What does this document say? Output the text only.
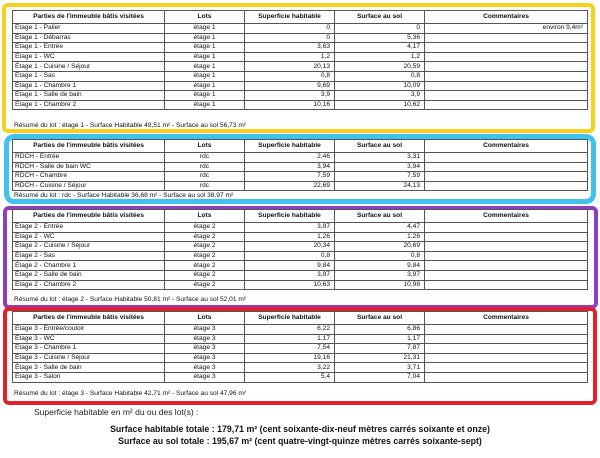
Parties de l'immeuble bâtis visitées	Lots	Superficie habitable	Surface au sol	Commentaires
Étage 1 - Palier	étage 1	0	0	environ 9,4m²
Étage 1 - Débarras	étage 1	0	5,36	
Étage 1 - Entrée	étage 1	3,63	4,17	
Étage 1 - WC	étage 1	1,2	1,2	
Étage 1 - Cuisine / Séjour	étage 1	20,13	20,59	
Étage 1 - Sas	étage 1	0,8	0,8	
Étage 1 - Chambre 1	étage 1	9,69	10,09	
Étage 1 - Salle de bain	étage 1	3,9	3,9	
Étage 1 - Chambre 2	étage 1	10,16	10,62	
Résumé du lot : étage 1 - Surface Habitable 49,51 m² - Surface au sol 56,73 m²
Parties de l'immeuble bâtis visitées	Lots	Superficie habitable	Surface au sol	Commentaires
RDCH - Entrée	rdc	2,46	3,31	
RDCH - Salle de bain WC	rdc	3,94	3,94	
RDCH - Chambre	rdc	7,59	7,59	
RDCH - Cuisine / Séjour	rdc	22,69	24,13	
Résumé du lot : rdc - Surface Habitable 36,68 m² - Surface au sol 38,97 m²
Parties de l'immeuble bâtis visitées	Lots	Superficie habitable	Surface au sol	Commentaires
Étage 2 - Entrée	étage 2	3,97	4,47	
Étage 2 - WC	étage 2	1,26	1,26	
Étage 2 - Cuisine / Séjour	étage 2	20,34	20,69	
Étage 2 - Sas	étage 2	0,8	0,8	
Étage 2 - Chambre 1	étage 2	9,84	9,84	
Étage 2 - Salle de bain	étage 2	3,97	3,97	
Étage 2 - Chambre 2	étage 2	10,63	10,98	
Résumé du lot : étage 2 - Surface Habitable 50,81 m² - Surface au sol 52,01 m²
Parties de l'immeuble bâtis visitées	Lots	Superficie habitable	Surface au sol	Commentaires
Étage 3 - Entrée/couloir	étage 3	6,22	6,86	
Étage 3 - WC	étage 3	1,17	1,17	
Étage 3 - Chambre 1	étage 3	7,54	7,87	
Étage 3 - Cuisine / Séjour	étage 3	19,16	21,31	
Étage 3 - Salle de bain	étage 3	3,22	3,71	
Étage 3 - Salon	étage 3	5,4	7,04	
Résumé du lot : étage 3 - Surface Habitable 42,71 m² - Surface au sol 47,96 m²
Superficie habitable en m² du ou des lot(s) :
Surface habitable totale : 179,71 m² (cent soixante-dix-neuf mètres carrés soixante et onze)
Surface au sol totale : 195,67 m² (cent quatre-vingt-quinze mètres carrés soixante-sept)
